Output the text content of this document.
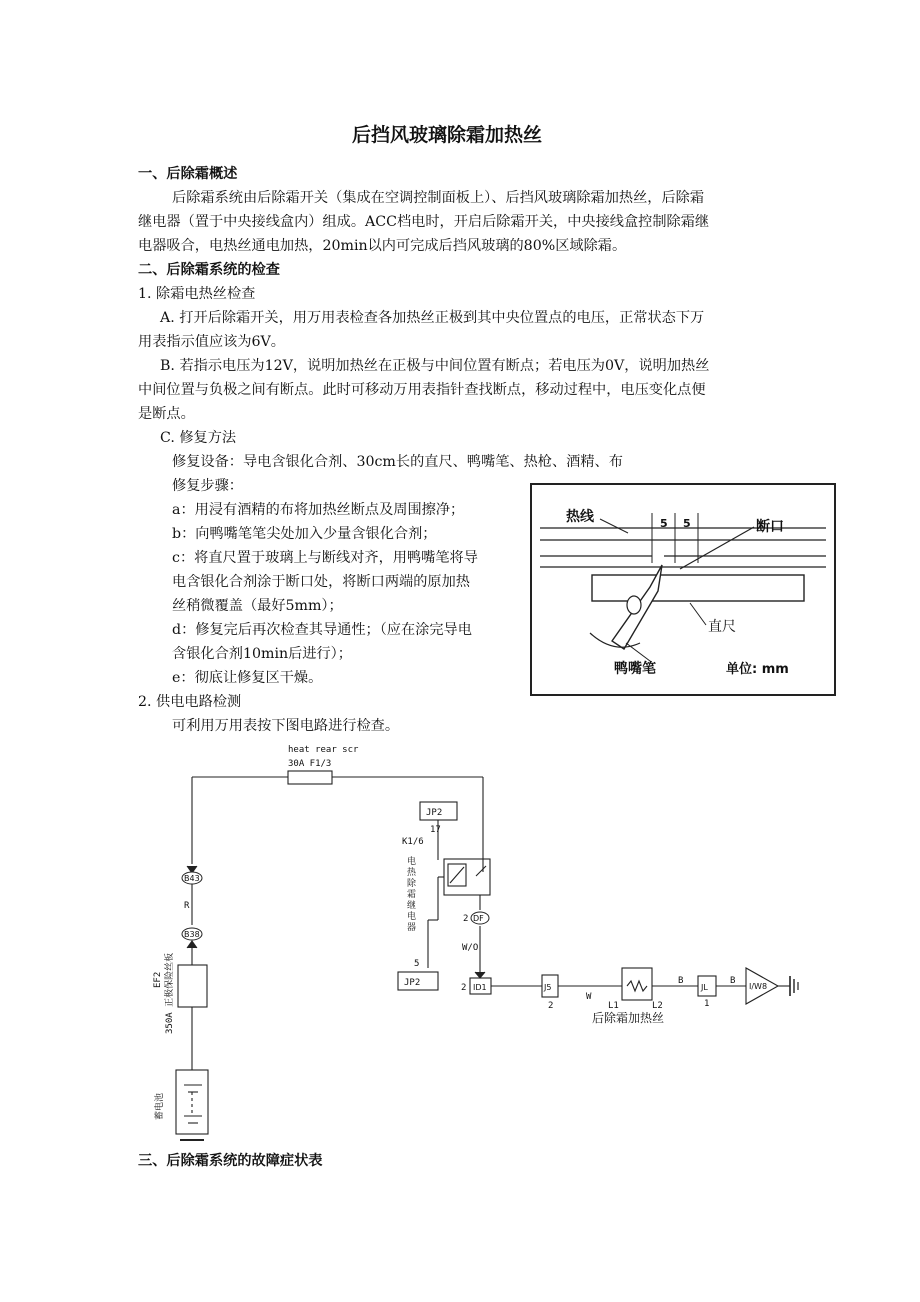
后挡风玻璃除霜加热丝
一、后除霜概述
后除霜系统由后除霜开关（集成在空调控制面板上）、后挡风玻璃除霜加热丝，后除霜
继电器（置于中央接线盒内）组成。ACC档电时，开启后除霜开关，中央接线盒控制除霜继
电器吸合，电热丝通电加热，20min以内可完成后挡风玻璃的80%区域除霜。
二、后除霜系统的检查
1. 除霜电热丝检查
A. 打开后除霜开关，用万用表检查各加热丝正极到其中央位置点的电压，正常状态下万
用表指示值应该为6V。
B. 若指示电压为12V，说明加热丝在正极与中间位置有断点；若电压为0V，说明加热丝
中间位置与负极之间有断点。此时可移动万用表指针查找断点，移动过程中，电压变化点便
是断点。
C. 修复方法
修复设备：导电含银化合剂、30cm长的直尺、鸭嘴笔、热枪、酒精、布
修复步骤：
a：用浸有酒精的布将加热丝断点及周围擦净；
b：向鸭嘴笔笔尖处加入少量含银化合剂；
c：将直尺置于玻璃上与断线对齐，用鸭嘴笔将导
电含银化合剂涂于断口处，将断口两端的原加热
丝稍微覆盖（最好5mm）；
d：修复完后再次检查其导通性；（应在涂完导电
含银化合剂10min后进行）；
e：彻底让修复区干燥。
2. 供电电路检测
可利用万用表按下图电路进行检查。
5 5
热线
断口
直尺
鸭嘴笔	单位: mm
heat rear scr
30A F1/3
JP2
17
K1/6
电热除霜继电器
B43
R
B38
EF2 350A 正极保险丝板
蓄电池
2 DF
W/O
5
JP2	2 ID1	J5
2
W
L1	L2
B
JL
1
B
I/W8
后除霜加热丝
三、后除霜系统的故障症状表
